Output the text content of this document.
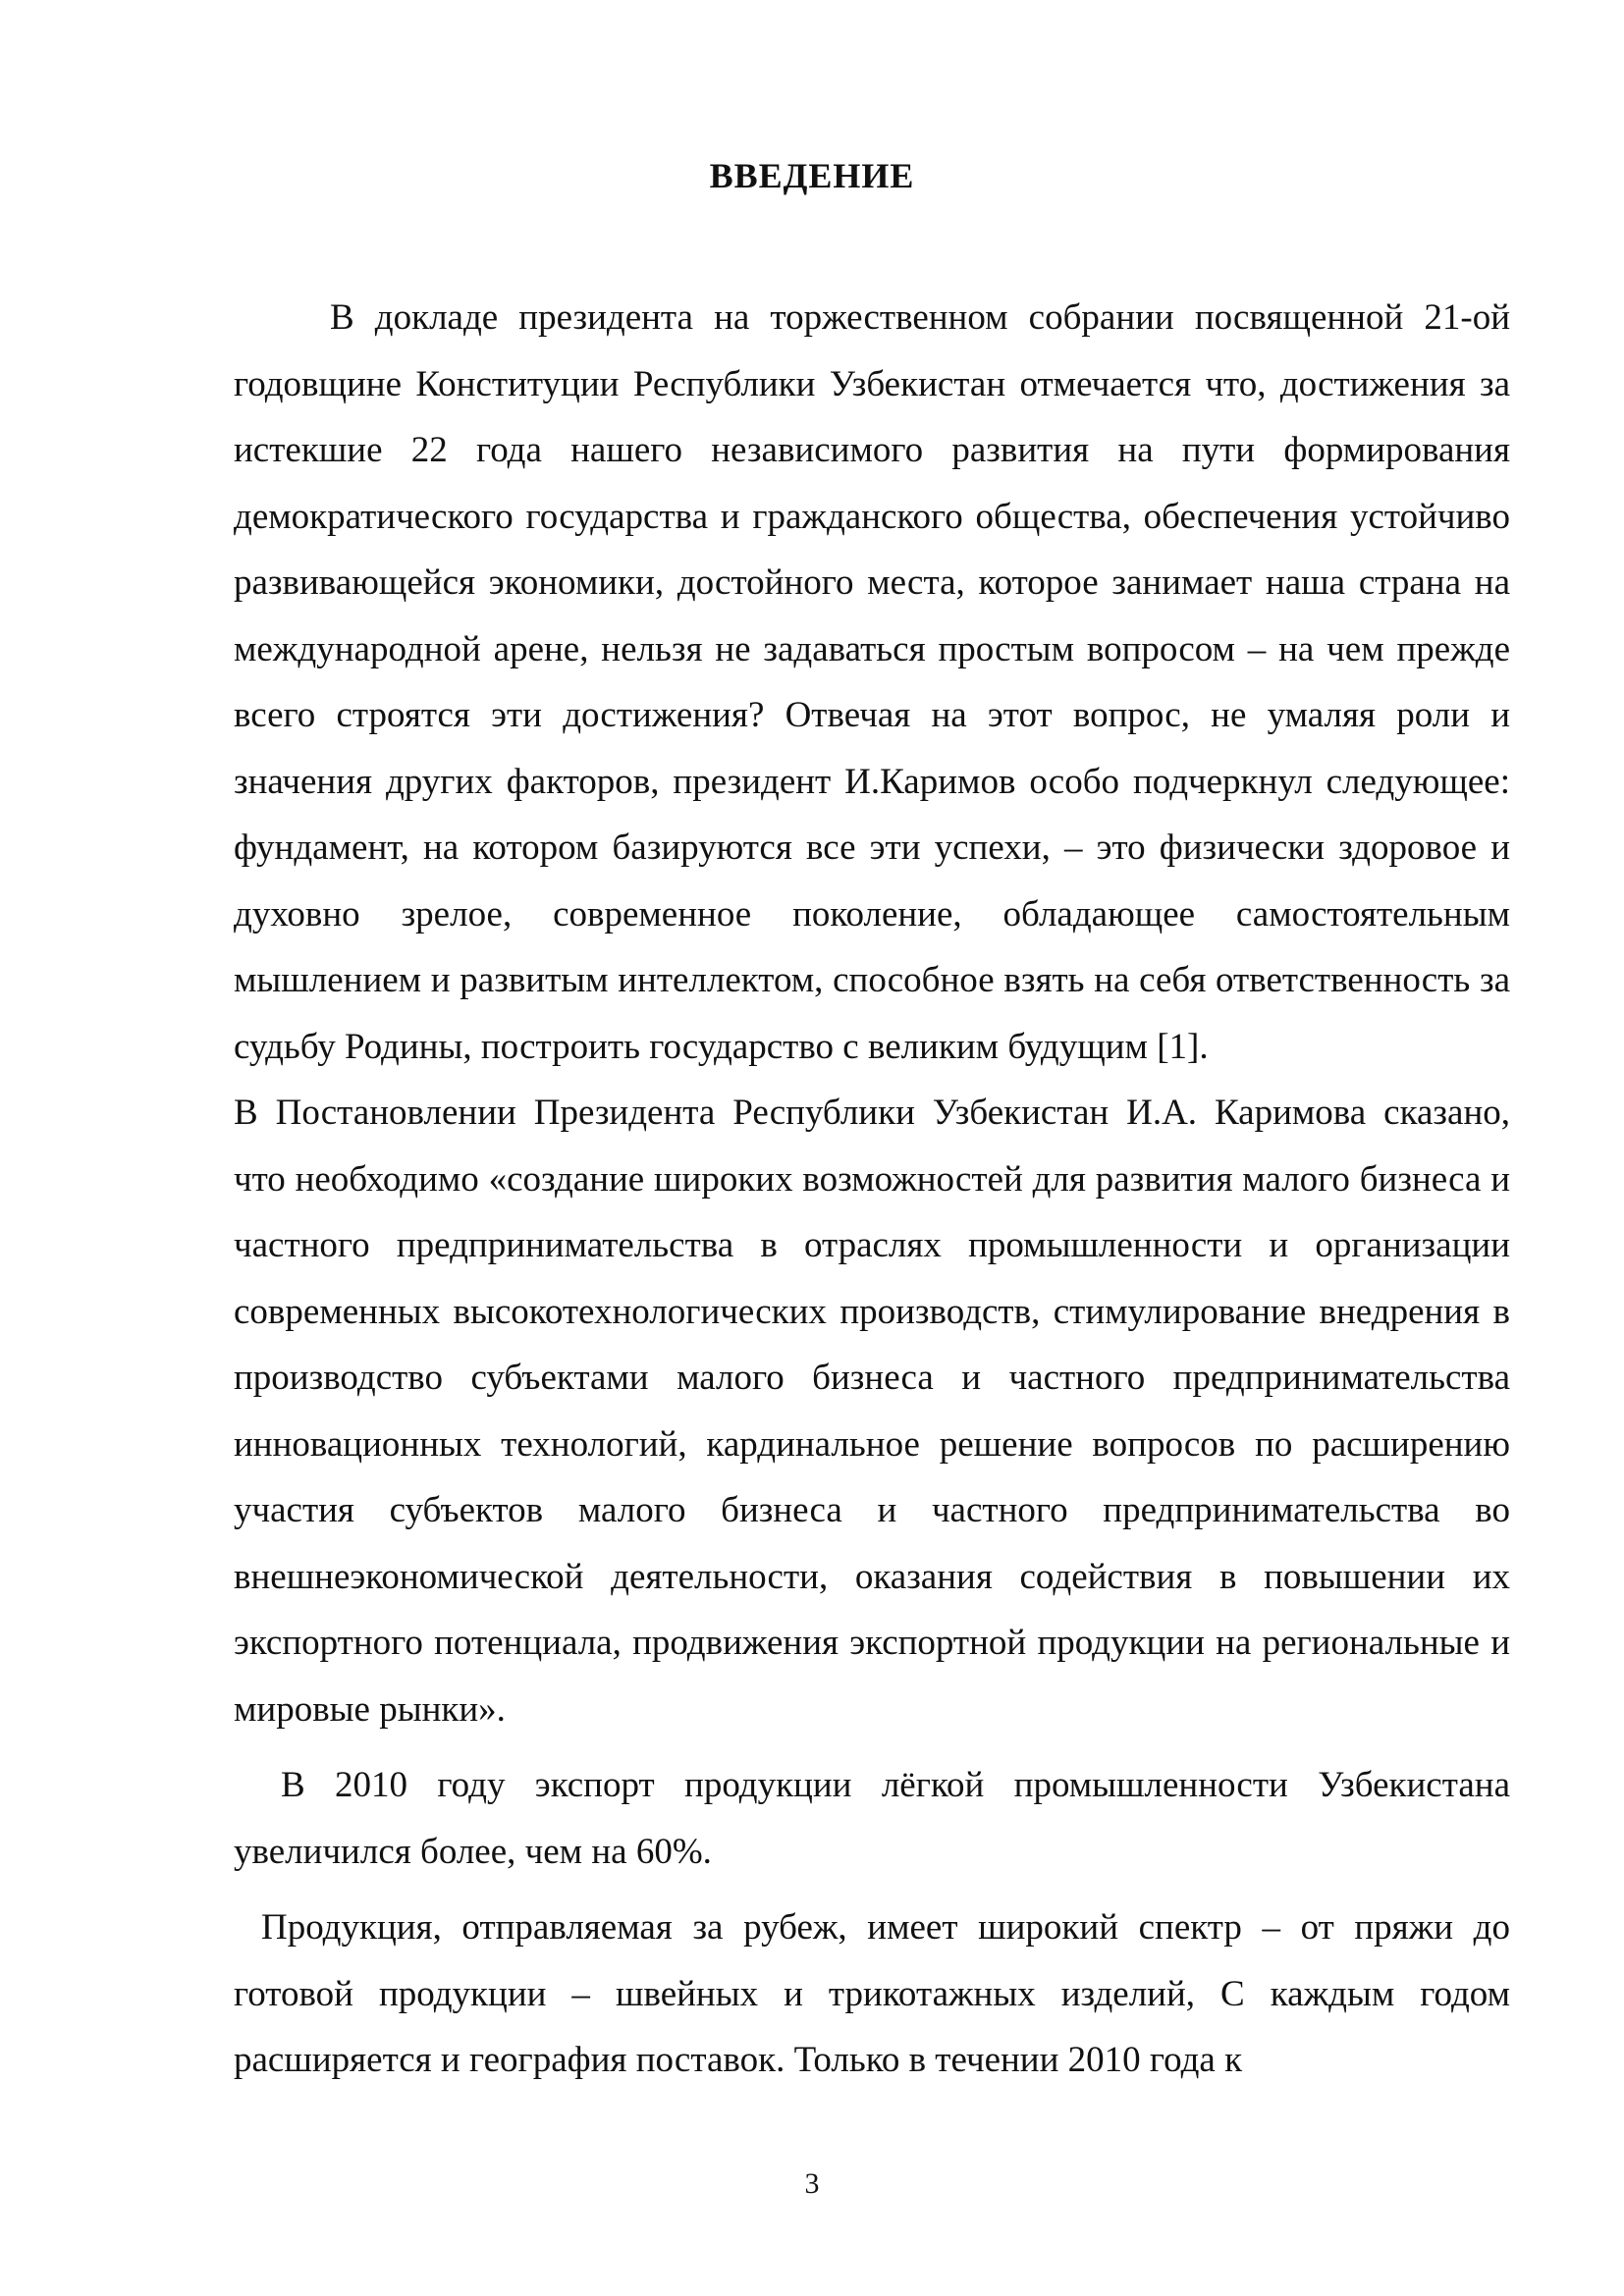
ВВЕДЕНИЕ

В докладе президента на торжественном собрании посвященной 21-ой годовщине Конституции Республики Узбекистан отмечается что, достижения за истекшие 22 года нашего независимого развития на пути формирования демократического государства и гражданского общества, обеспечения устойчиво развивающейся экономики, достойного места, которое занимает наша страна на международной арене, нельзя не задаваться простым вопросом – на чем прежде всего строятся эти достижения? Отвечая на этот вопрос, не умаляя роли и значения других факторов, президент И.Каримов особо подчеркнул следующее: фундамент, на котором базируются все эти успехи, – это физически здоровое и духовно зрелое, современное поколение, обладающее самостоятельным мышлением и развитым интеллектом, способное взять на себя ответственность за судьбу Родины, построить государство с великим будущим [1].

В Постановлении Президента Республики Узбекистан И.А. Каримова сказано, что необходимо «создание широких возможностей для развития малого бизнеса и частного предпринимательства в отраслях промышленности и организации современных высокотехнологических производств, стимулирование внедрения в производство субъектами малого бизнеса и частного предпринимательства инновационных технологий, кардинальное решение вопросов по расширению участия субъектов малого бизнеса и частного предпринимательства во внешнеэкономической деятельности, оказания содействия в повышении их экспортного потенциала, продвижения экспортной продукции на региональные и мировые рынки».

В 2010 году экспорт продукции лёгкой промышленности Узбекистана увеличился более, чем на 60%.

Продукция, отправляемая за рубеж, имеет широкий спектр – от пряжи до готовой продукции – швейных и трикотажных изделий, С каждым годом расширяется и география поставок. Только в течении 2010 года к

3
